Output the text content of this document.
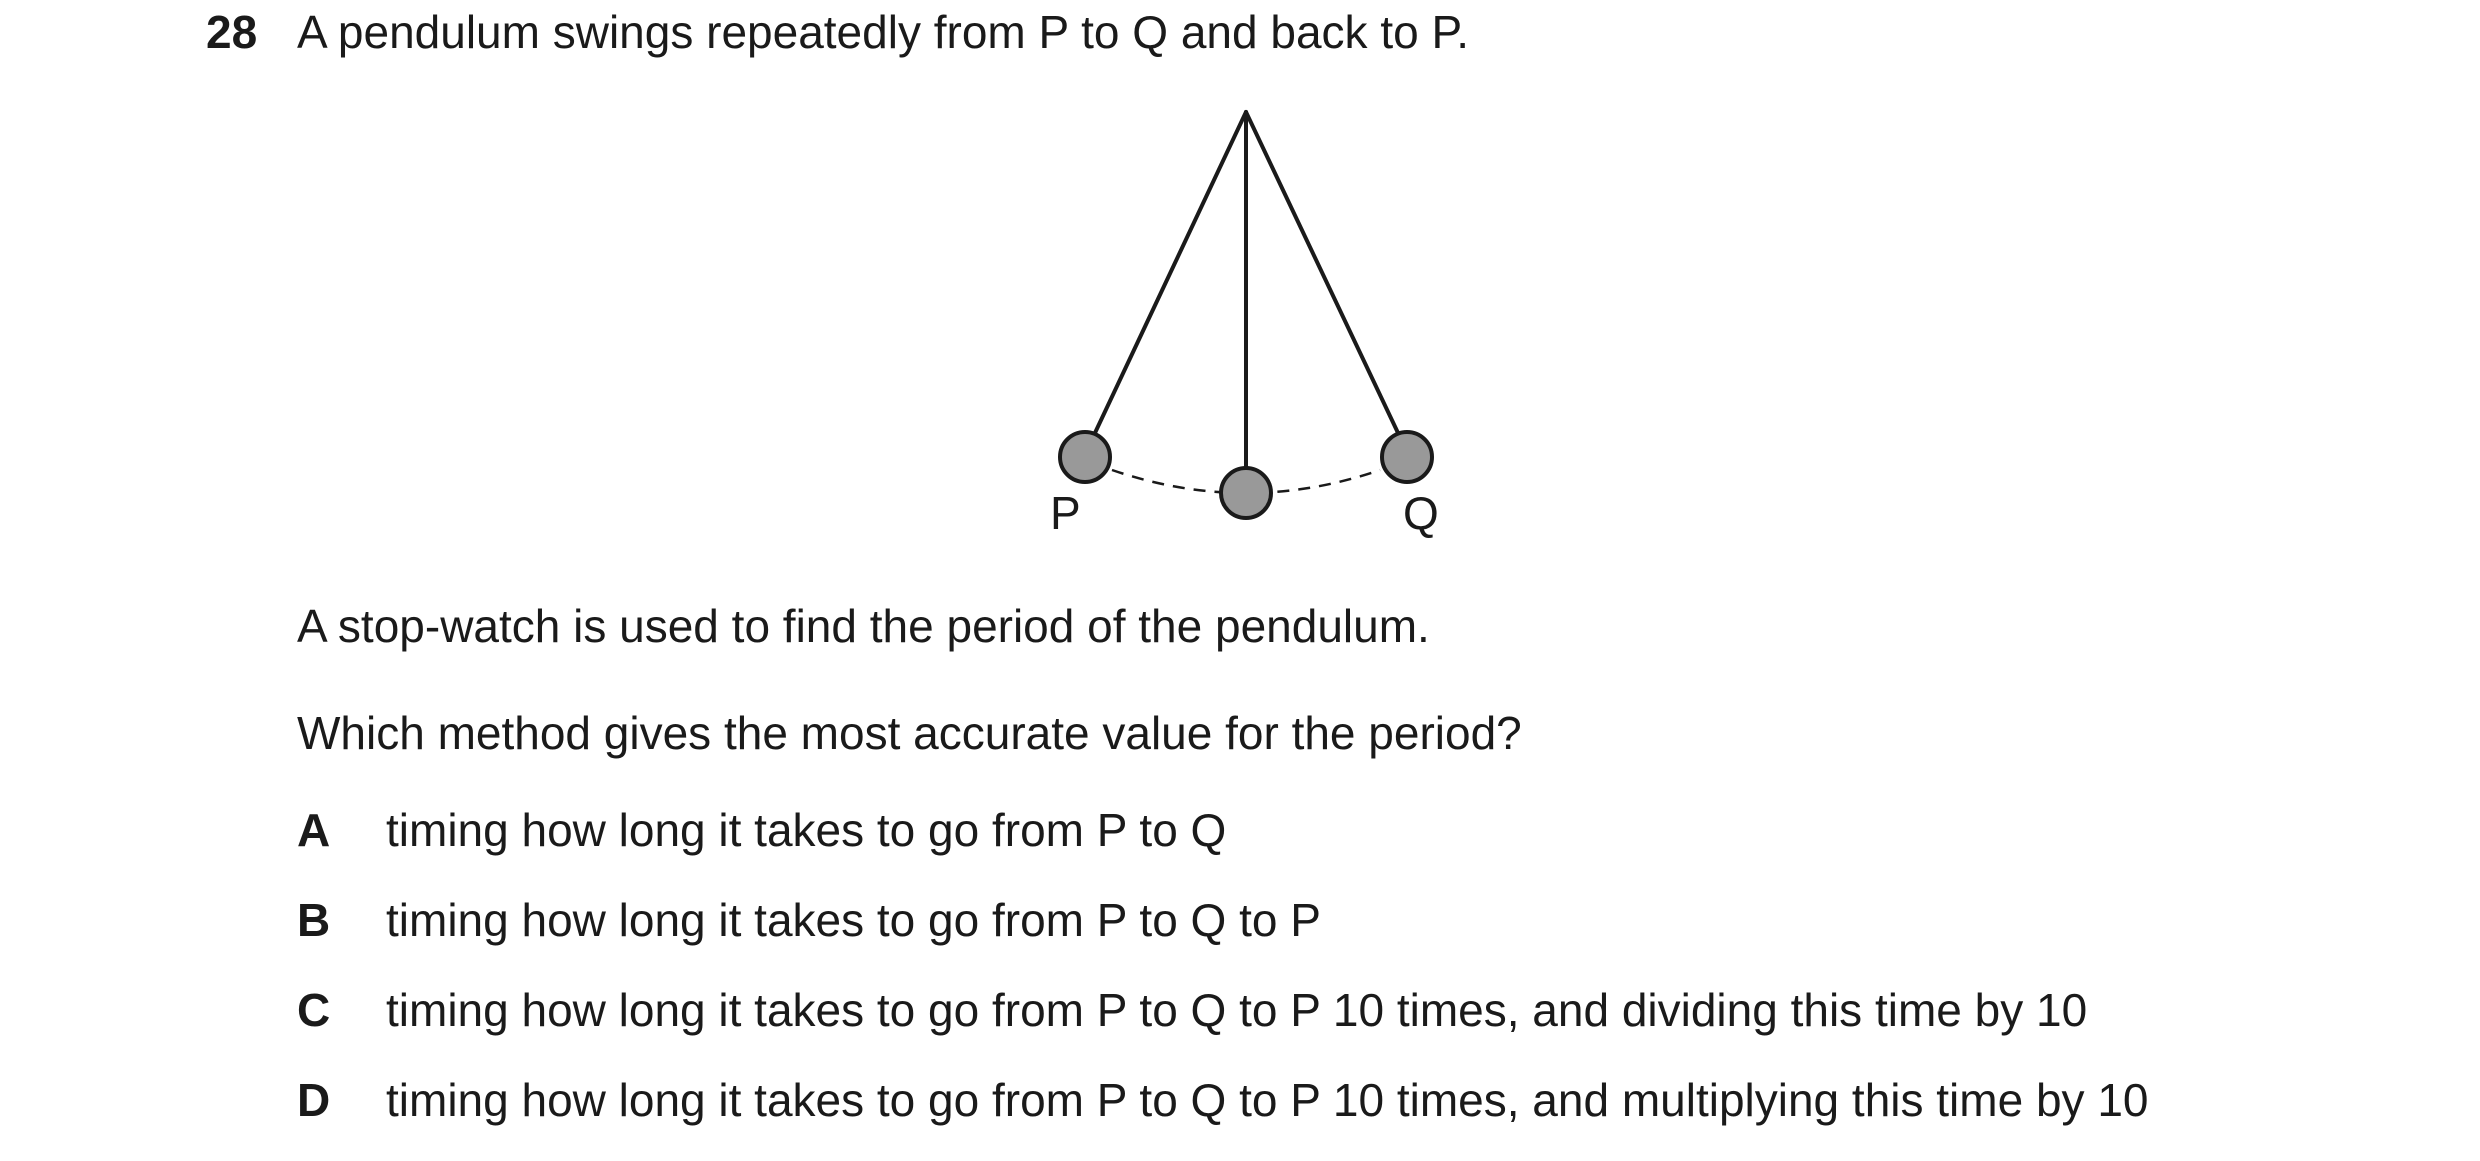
28 A pendulum swings repeatedly from P to Q and back to P.
P	Q
A stop-watch is used to find the period of the pendulum.
Which method gives the most accurate value for the period?
A timing how long it takes to go from P to Q
B timing how long it takes to go from P to Q to P
C timing how long it takes to go from P to Q to P 10 times, and dividing this time by 10
D timing how long it takes to go from P to Q to P 10 times, and multiplying this time by 10
